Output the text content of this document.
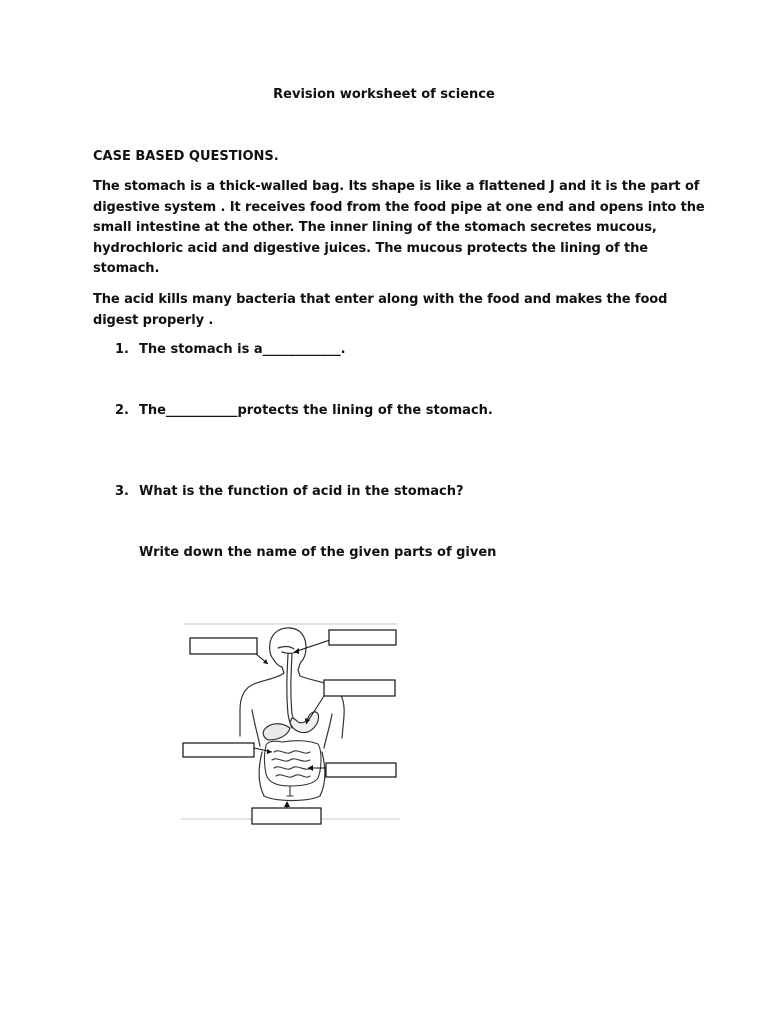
Revision worksheet of science
CASE BASED QUESTIONS.
The stomach is a thick-walled bag. Its shape is like a flattened J and it is the part of
digestive system . It receives food from the food pipe at one end and opens into the
small intestine at the other. The inner lining of the stomach secretes mucous,
hydrochloric acid and digestive juices. The mucous protects the lining of the
stomach.
The acid kills many bacteria that enter along with the food and makes the food
digest properly .
1. The stomach is a____________.
2. The___________protects the lining of the stomach.
3. What is the function of acid in the stomach?
Write down the name of the given parts of given
